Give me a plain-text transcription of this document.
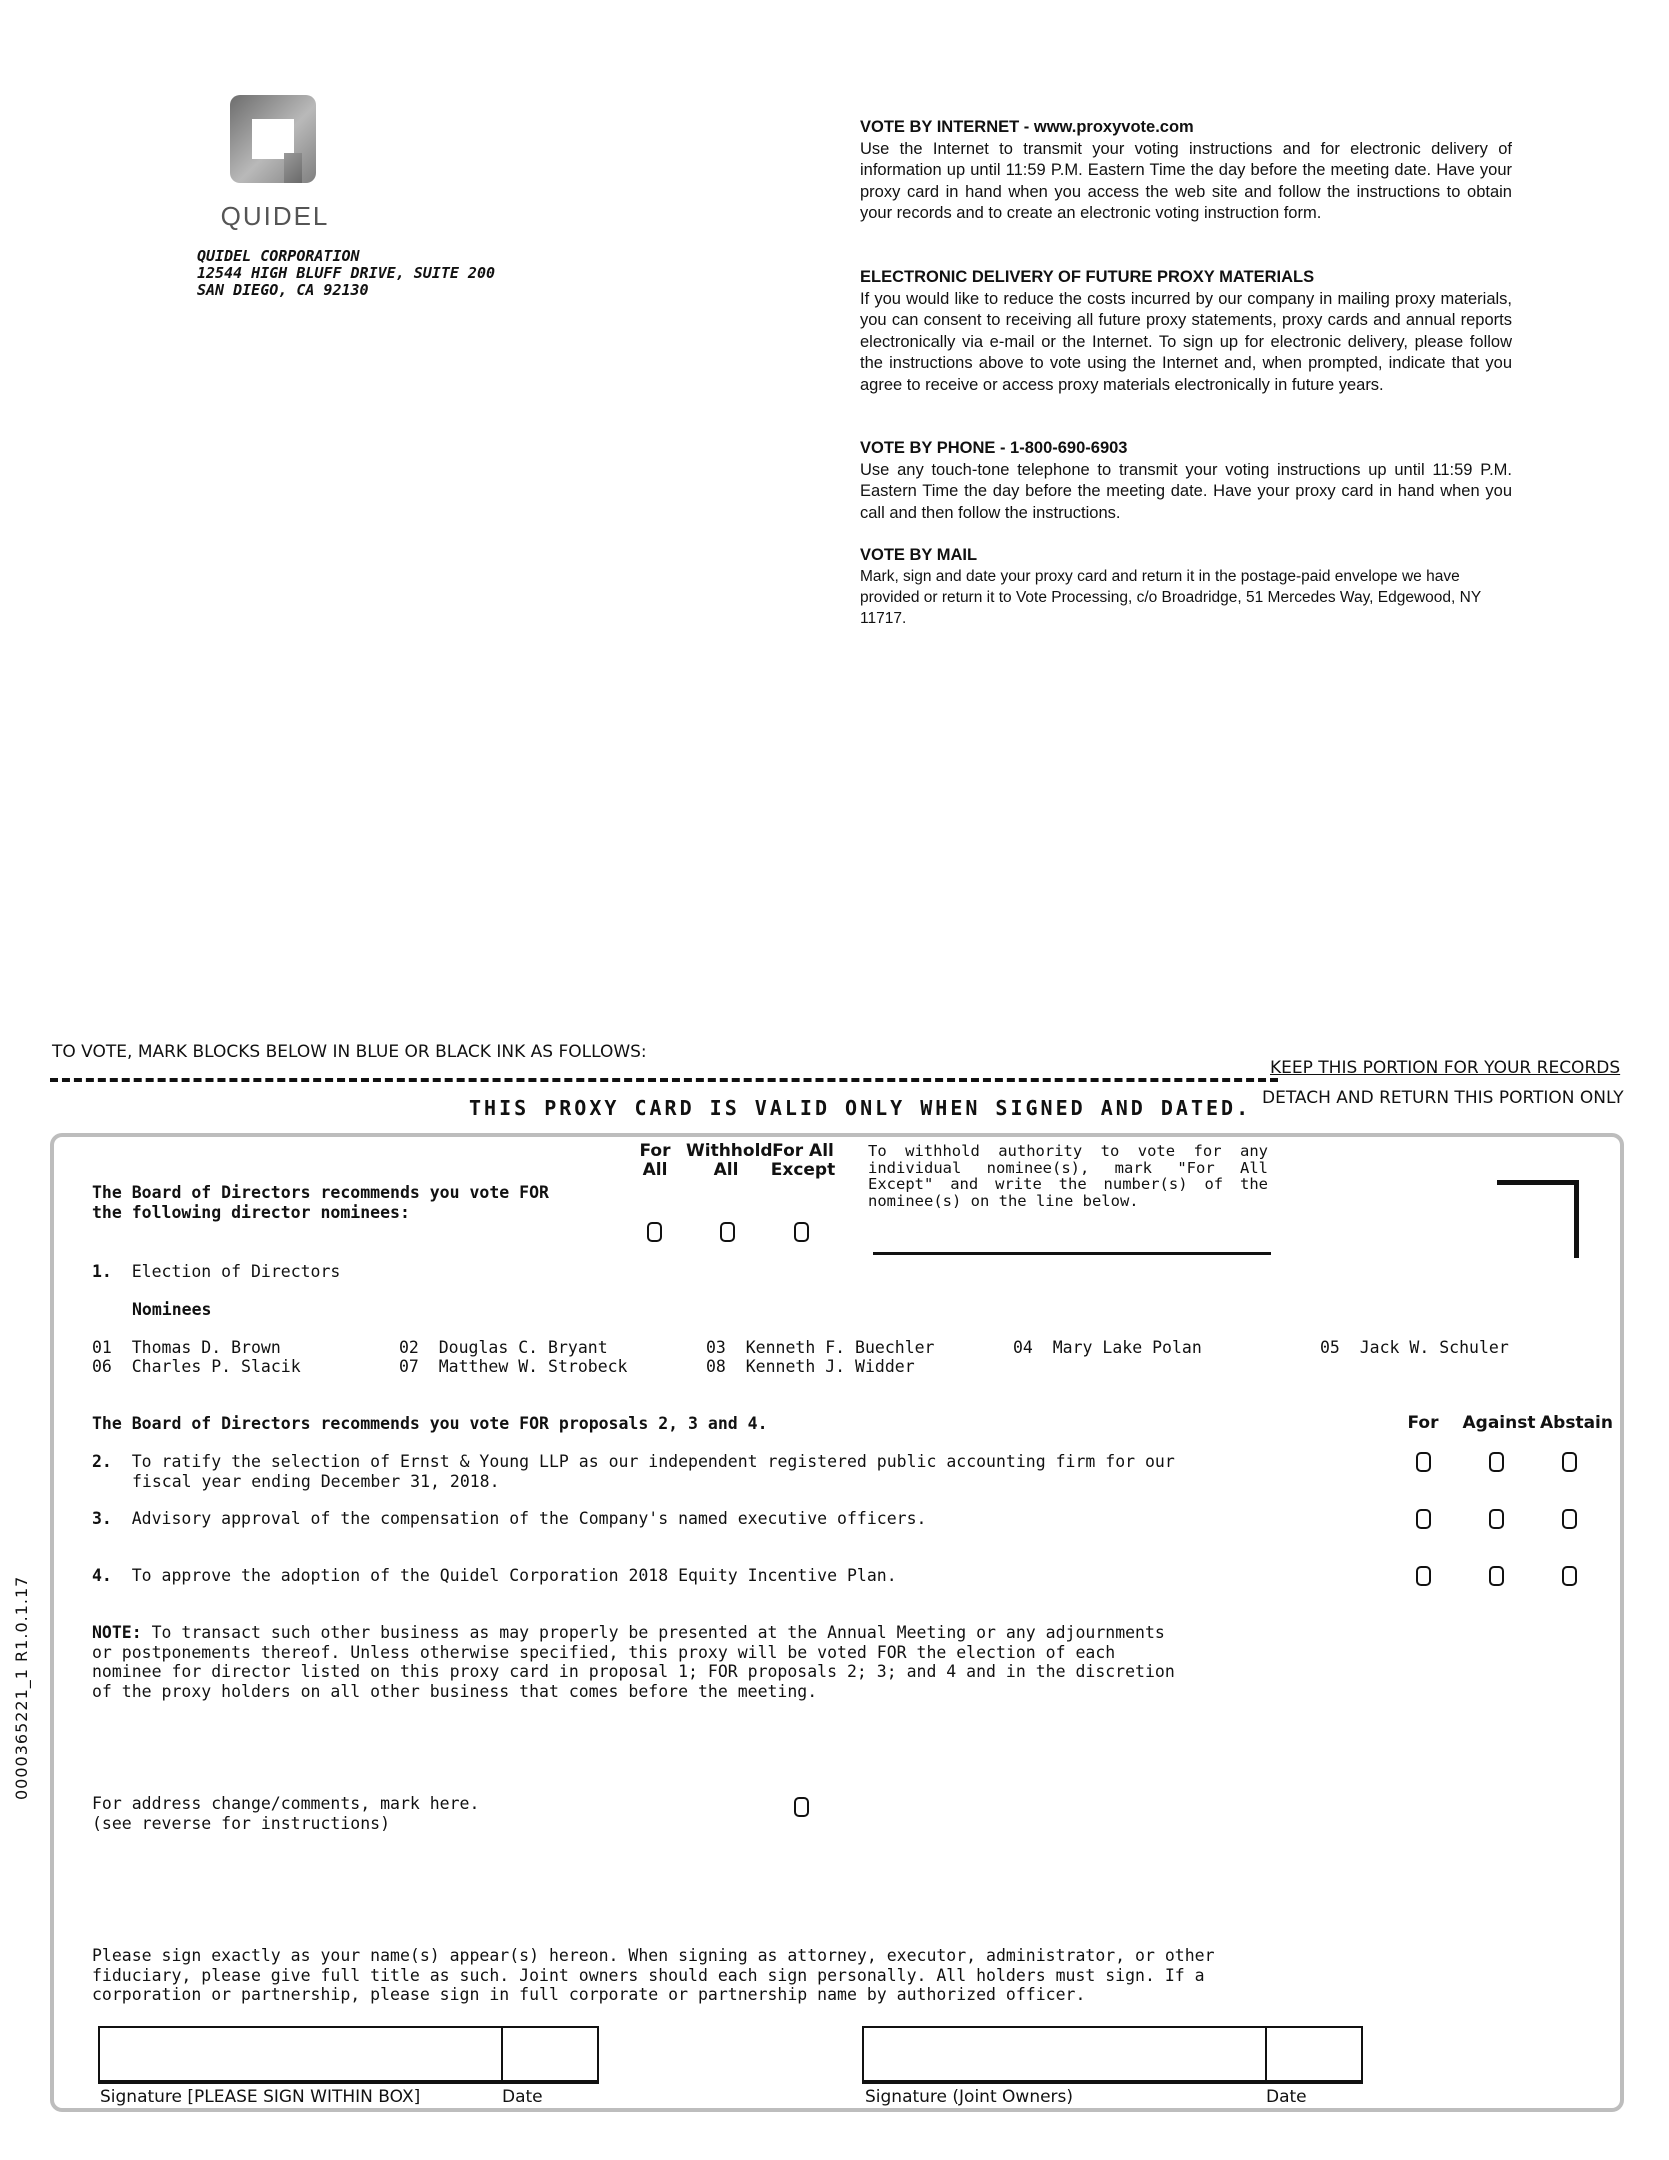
QUIDEL
QUIDEL CORPORATION
12544 HIGH BLUFF DRIVE, SUITE 200
SAN DIEGO, CA 92130
VOTE BY INTERNET - www.proxyvote.com

Use the Internet to transmit your voting instructions and for electronic delivery of information up until 11:59 P.M. Eastern Time the day before the meeting date. Have your proxy card in hand when you access the web site and follow the instructions to obtain your records and to create an electronic voting instruction form.

ELECTRONIC DELIVERY OF FUTURE PROXY MATERIALS

If you would like to reduce the costs incurred by our company in mailing proxy materials, you can consent to receiving all future proxy statements, proxy cards and annual reports electronically via e-mail or the Internet. To sign up for electronic delivery, please follow the instructions above to vote using the Internet and, when prompted, indicate that you agree to receive or access proxy materials electronically in future years.

VOTE BY PHONE - 1-800-690-6903

Use any touch-tone telephone to transmit your voting instructions up until 11:59 P.M. Eastern Time the day before the meeting date. Have your proxy card in hand when you call and then follow the instructions.

VOTE BY MAIL

Mark, sign and date your proxy card and return it in the postage-paid envelope we have provided or return it to Vote Processing, c/o Broadridge, 51 Mercedes Way, Edgewood, NY 11717.

TO VOTE, MARK BLOCKS BELOW IN BLUE OR BLACK INK AS FOLLOWS:
KEEP THIS PORTION FOR YOUR RECORDS
DETACH AND RETURN THIS PORTION ONLY
THIS PROXY CARD IS VALID ONLY WHEN SIGNED AND DATED.
The Board of Directors recommends you vote FOR
the following director nominees:
For
All
Withhold
All
For All
Except
To withhold authority to vote for any individual nominee(s), mark "For All Except" and write the number(s) of the nominee(s) on the line below.
1. Election of Directors
Nominees
01 Thomas D. Brown	02 Douglas C. Bryant	03 Kenneth F. Buechler	04 Mary Lake Polan	05 Jack W. Schuler
06 Charles P. Slacik	07 Matthew W. Strobeck	08 Kenneth J. Widder
The Board of Directors recommends you vote FOR proposals 2, 3 and 4.	For	Against Abstain
2. To ratify the selection of Ernst & Young LLP as our independent registered public accounting firm for our
fiscal year ending December 31, 2018.
3. Advisory approval of the compensation of the Company's named executive officers.
4. To approve the adoption of the Quidel Corporation 2018 Equity Incentive Plan.
NOTE: To transact such other business as may properly be presented at the Annual Meeting or any adjournments or postponements thereof. Unless otherwise specified, this proxy will be voted FOR the election of each nominee for director listed on this proxy card in proposal 1; FOR proposals 2; 3; and 4 and in the discretion of the proxy holders on all other business that comes before the meeting.
For address change/comments, mark here.
(see reverse for instructions)
Please sign exactly as your name(s) appear(s) hereon. When signing as attorney, executor, administrator, or other fiduciary, please give full title as such. Joint owners should each sign personally. All holders must sign. If a corporation or partnership, please sign in full corporate or partnership name by authorized officer.
Signature [PLEASE SIGN WITHIN BOX]	Date	Signature (Joint Owners)	Date
0000365221_1 R1.0.1.17
